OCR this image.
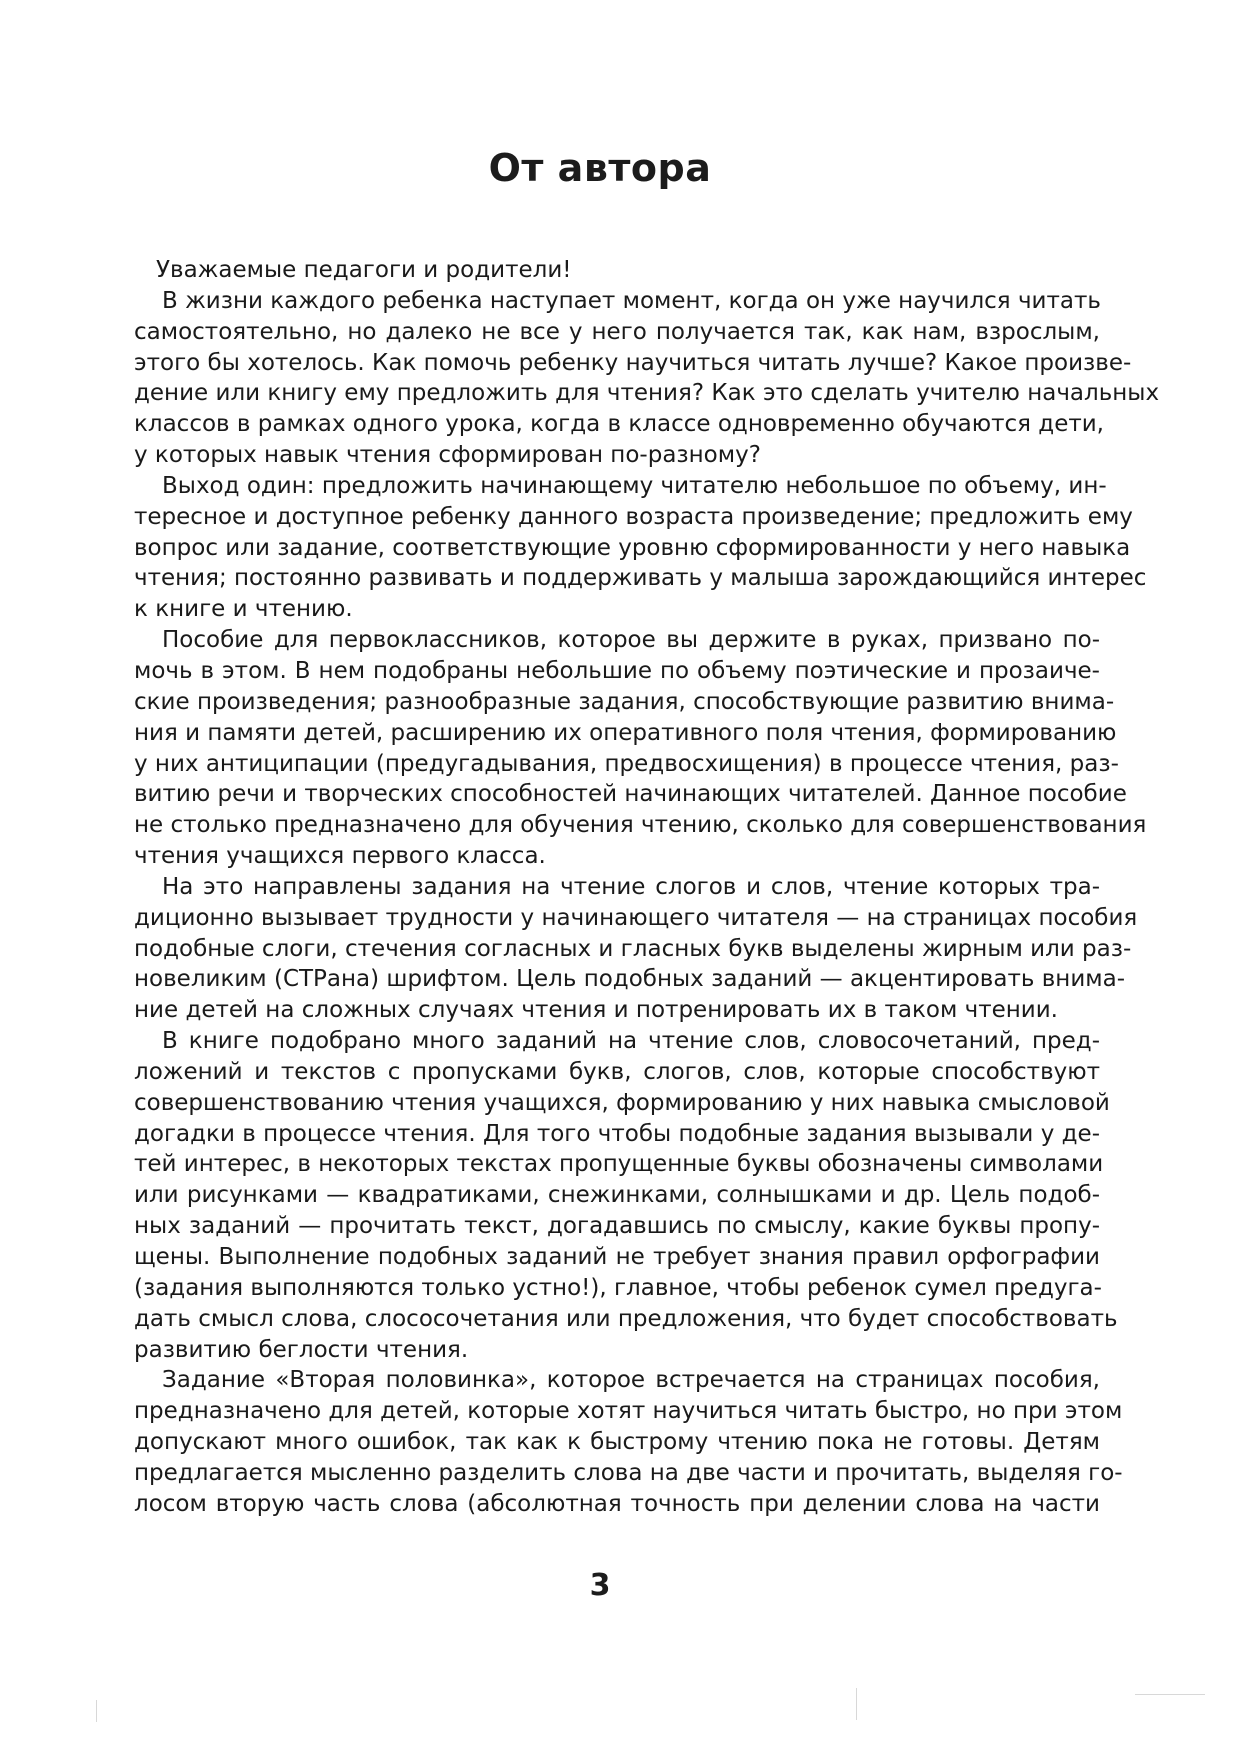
От автора
Уважаемые педагоги и родители!
В жизни каждого ребенка наступает момент, когда он уже научился читать
самостоятельно, но далеко не все у него получается так, как нам, взрослым,
этого бы хотелось. Как помочь ребенку научиться читать лучше? Какое произве-
дение или книгу ему предложить для чтения? Как это сделать учителю начальных
классов в рамках одного урока, когда в классе одновременно обучаются дети,
у которых навык чтения сформирован по-разному?
Выход один: предложить начинающему читателю небольшое по объему, ин-
тересное и доступное ребенку данного возраста произведение; предложить ему
вопрос или задание, соответствующие уровню сформированности у него навыка
чтения; постоянно развивать и поддерживать у малыша зарождающийся интерес
к книге и чтению.
Пособие для первоклассников, которое вы держите в руках, призвано по-
мочь в этом. В нем подобраны небольшие по объему поэтические и прозаиче-
ские произведения; разнообразные задания, способствующие развитию внима-
ния и памяти детей, расширению их оперативного поля чтения, формированию
у них антиципации (предугадывания, предвосхищения) в процессе чтения, раз-
витию речи и творческих способностей начинающих читателей. Данное пособие
не столько предназначено для обучения чтению, сколько для совершенствования
чтения учащихся первого класса.
На это направлены задания на чтение слогов и слов, чтение которых тра-
диционно вызывает трудности у начинающего читателя — на страницах пособия
подобные слоги, стечения согласных и гласных букв выделены жирным или раз-
новеликим (СТРана) шрифтом. Цель подобных заданий — акцентировать внима-
ние детей на сложных случаях чтения и потренировать их в таком чтении.
В книге подобрано много заданий на чтение слов, словосочетаний, пред-
ложений и текстов с пропусками букв, слогов, слов, которые способствуют
совершенствованию чтения учащихся, формированию у них навыка смысловой
догадки в процессе чтения. Для того чтобы подобные задания вызывали у де-
тей интерес, в некоторых текстах пропущенные буквы обозначены символами
или рисунками — квадратиками, снежинками, солнышками и др. Цель подоб-
ных заданий — прочитать текст, догадавшись по смыслу, какие буквы пропу-
щены. Выполнение подобных заданий не требует знания правил орфографии
(задания выполняются только устно!), главное, чтобы ребенок сумел предуга-
дать смысл слова, слососочетания или предложения, что будет способствовать
развитию беглости чтения.
Задание «Вторая половинка», которое встречается на страницах пособия,
предназначено для детей, которые хотят научиться читать быстро, но при этом
допускают много ошибок, так как к быстрому чтению пока не готовы. Детям
предлагается мысленно разделить слова на две части и прочитать, выделяя го-
лосом вторую часть слова (абсолютная точность при делении слова на части
3
